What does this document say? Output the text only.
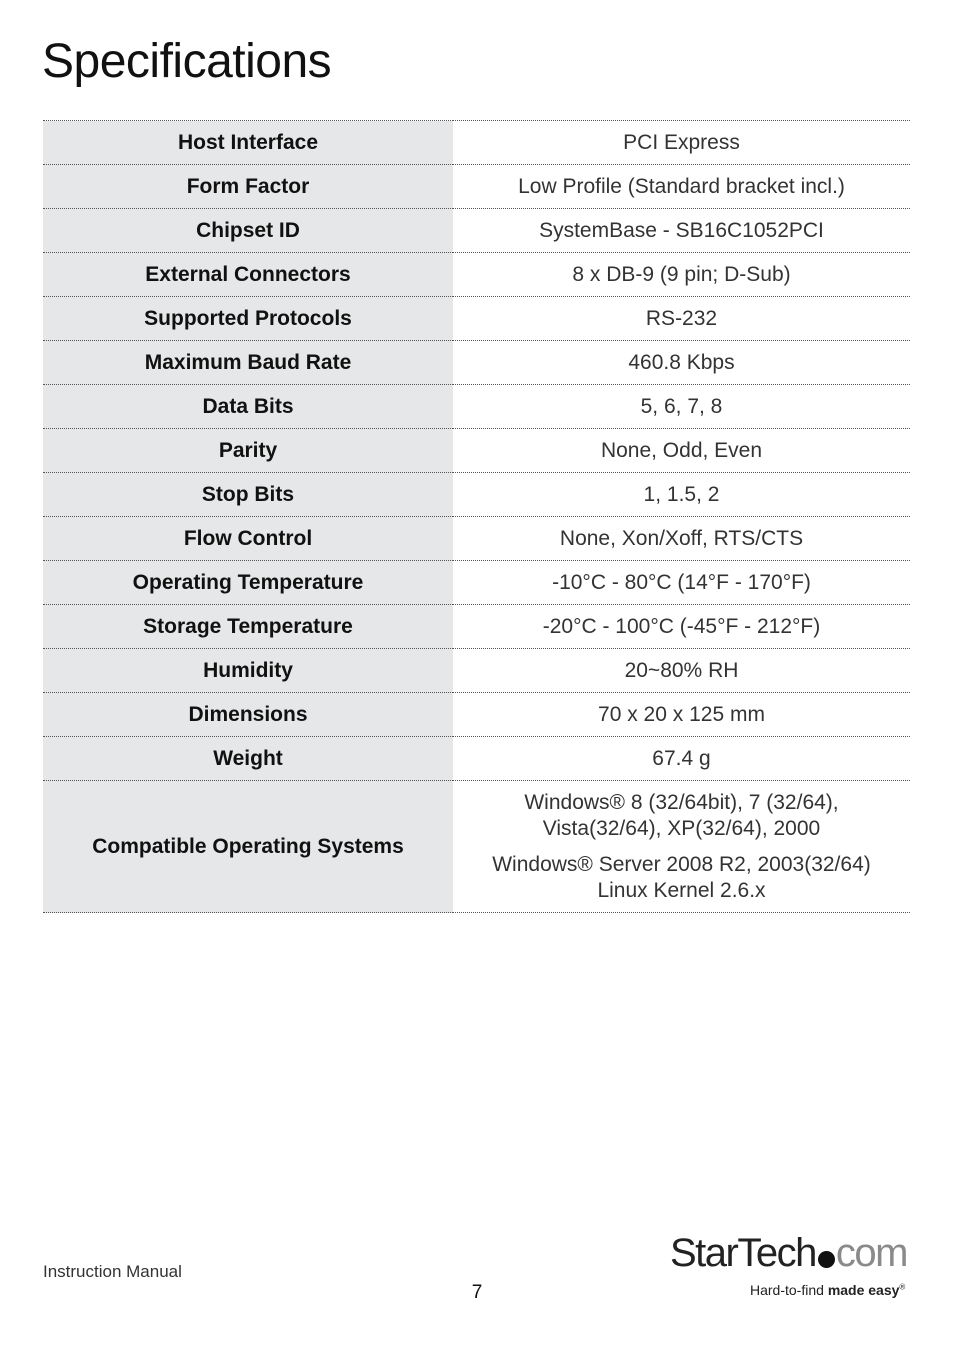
Specifications
Host Interface	PCI Express
Form Factor	Low Profile (Standard bracket incl.)
Chipset ID	SystemBase - SB16C1052PCI
External Connectors	8 x DB-9 (9 pin; D-Sub)
Supported Protocols	RS-232
Maximum Baud Rate	460.8 Kbps
Data Bits	5, 6, 7, 8
Parity	None, Odd, Even
Stop Bits	1, 1.5, 2
Flow Control	None, Xon/Xoff, RTS/CTS
Operating Temperature	-10°C - 80°C (14°F - 170°F)
Storage Temperature	-20°C - 100°C (-45°F - 212°F)
Humidity	20~80% RH
Dimensions	70 x 20 x 125 mm
Weight	67.4 g
Compatible Operating Systems	Windows® 8 (32/64bit), 7 (32/64),
Vista(32/64), XP(32/64), 2000
Windows® Server 2008 R2, 2003(32/64)
Linux Kernel 2.6.x
Instruction Manual
7
StarTech com
Hard-to-find made easy®
